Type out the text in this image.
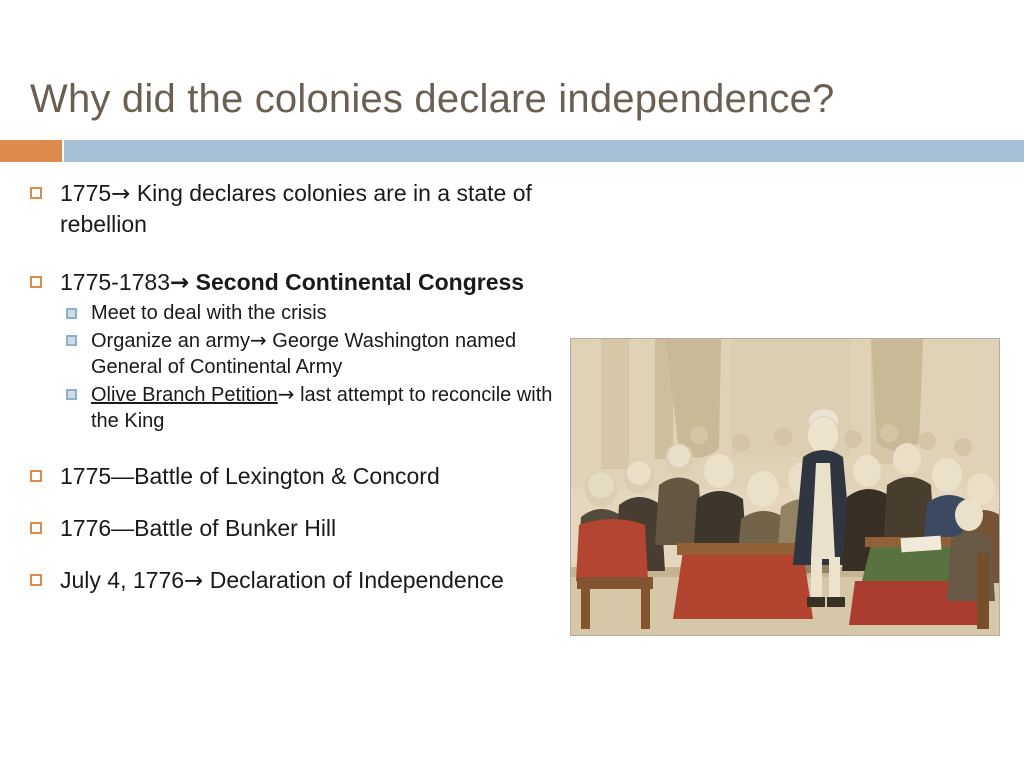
Why did the colonies declare independence?
1775→ King declares colonies are in a state of rebellion
1775-1783→ Second Continental Congress
Meet to deal with the crisis
Organize an army→ George Washington named General of Continental Army
Olive Branch Petition→ last attempt to reconcile with the King
1775—Battle of Lexington & Concord
1776—Battle of Bunker Hill
July 4, 1776→ Declaration of Independence
